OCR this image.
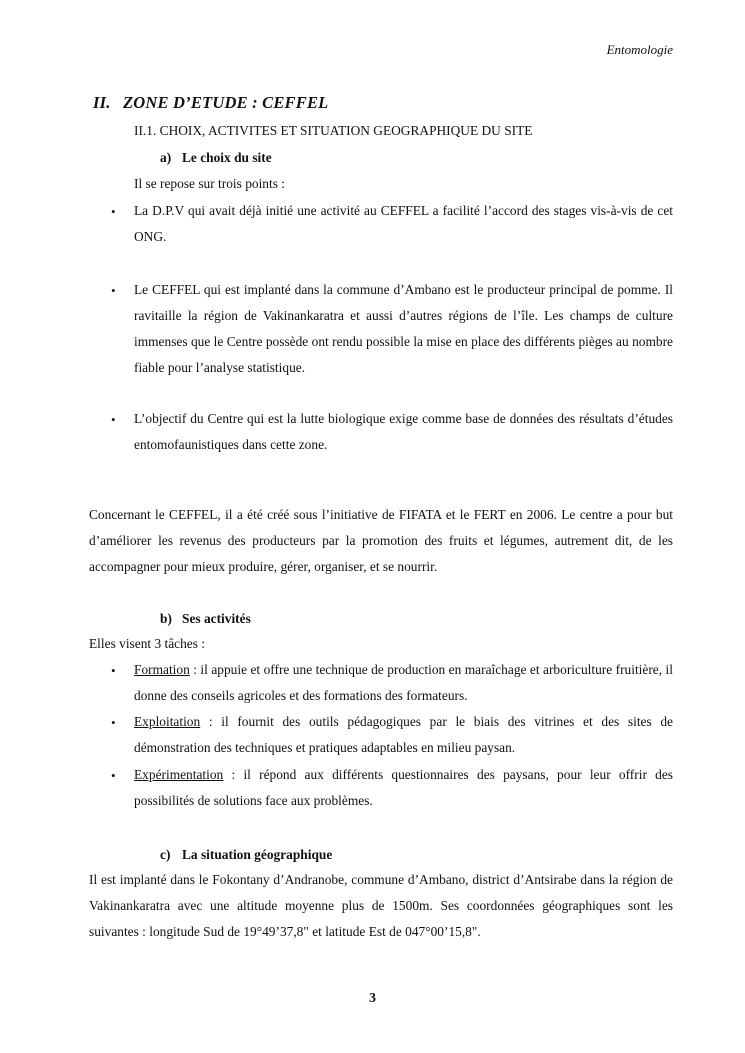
Entomologie
II. ZONE D’ETUDE : CEFFEL
II.1. CHOIX, ACTIVITES ET SITUATION GEOGRAPHIQUE DU SITE
a) Le choix du site
Il se repose sur trois points :
•	La D.P.V qui avait déjà initié une activité au CEFFEL a facilité l’accord des stages vis-à-vis de cet ONG.
•	Le CEFFEL qui est implanté dans la commune d’Ambano est le producteur principal de pomme. Il ravitaille la région de Vakinankaratra et aussi d’autres régions de l’île. Les champs de culture immenses que le Centre possède ont rendu possible la mise en place des différents pièges au nombre fiable pour l’analyse statistique.
•	L’objectif du Centre qui est la lutte biologique exige comme base de données des résultats d’études entomofaunistiques dans cette zone.
Concernant le CEFFEL, il a été créé sous l’initiative de FIFATA et le FERT en 2006. Le centre a pour but d’améliorer les revenus des producteurs par la promotion des fruits et légumes, autrement dit, de les accompagner pour mieux produire, gérer, organiser, et se nourrir.
b) Ses activités
Elles visent 3 tâches :
•	Formation : il appuie et offre une technique de production en maraîchage et arboriculture fruitière, il donne des conseils agricoles et des formations des formateurs.
•	Exploitation : il fournit des outils pédagogiques par le biais des vitrines et des sites de démonstration des techniques et pratiques adaptables en milieu paysan.
•	Expérimentation : il répond aux différents questionnaires des paysans, pour leur offrir des possibilités de solutions face aux problèmes.
c) La situation géographique
Il est implanté dans le Fokontany d’Andranobe, commune d’Ambano, district d’Antsirabe dans la région de Vakinankaratra avec une altitude moyenne plus de 1500m. Ses coordonnées géographiques sont les suivantes : longitude Sud de 19°49’37,8" et latitude Est de 047°00’15,8".
3
